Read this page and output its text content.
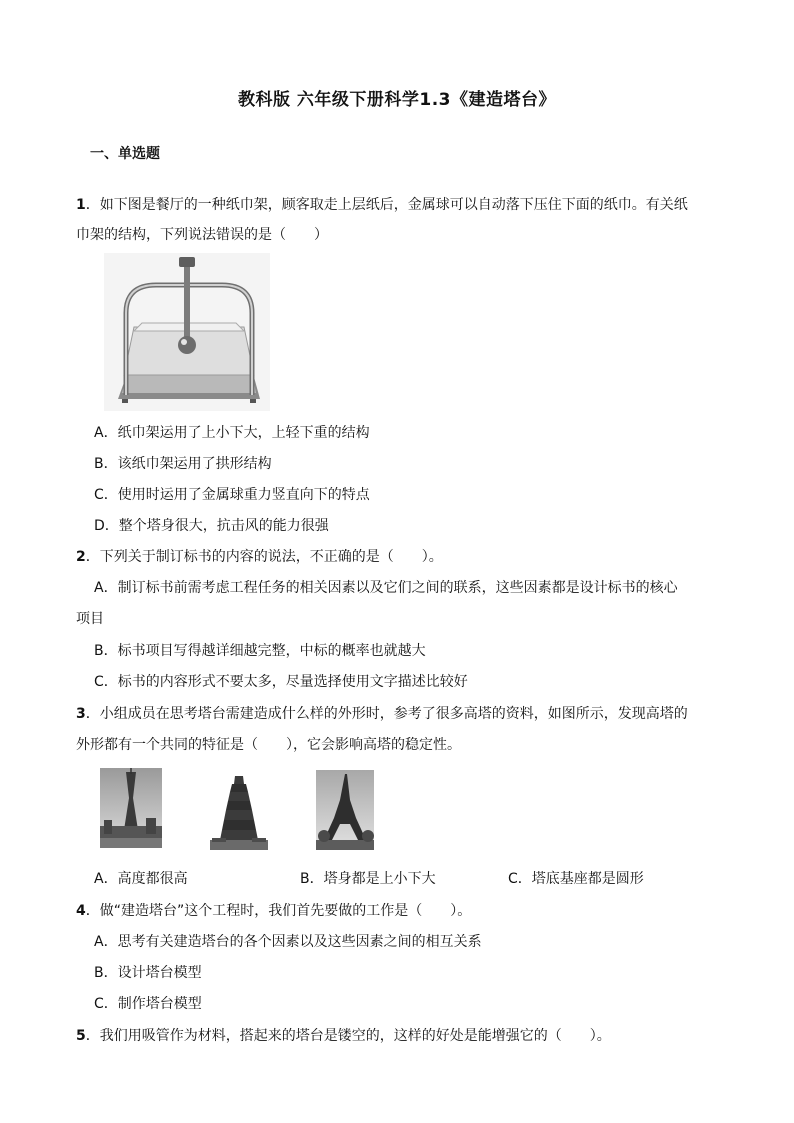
教科版 六年级下册科学1.3《建造塔台》
一、单选题
1．如下图是餐厅的一种纸巾架，顾客取走上层纸后，金属球可以自动落下压住下面的纸巾。有关纸
巾架的结构，下列说法错误的是（　　）
A．纸巾架运用了上小下大，上轻下重的结构
B．该纸巾架运用了拱形结构
C．使用时运用了金属球重力竖直向下的特点
D．整个塔身很大，抗击风的能力很强
2．下列关于制订标书的内容的说法，不正确的是（　　）。
A．制订标书前需考虑工程任务的相关因素以及它们之间的联系，这些因素都是设计标书的核心
项目
B．标书项目写得越详细越完整，中标的概率也就越大
C．标书的内容形式不要太多，尽量选择使用文字描述比较好
3．小组成员在思考塔台需建造成什么样的外形时，参考了很多高塔的资料，如图所示，发现高塔的
外形都有一个共同的特征是（　　），它会影响高塔的稳定性。
A．高度都很高	B．塔身都是上小下大	C．塔底基座都是圆形
4．做“建造塔台”这个工程时，我们首先要做的工作是（　　）。
A．思考有关建造塔台的各个因素以及这些因素之间的相互关系
B．设计塔台模型
C．制作塔台模型
5．我们用吸管作为材料，搭起来的塔台是镂空的，这样的好处是能增强它的（　　）。
